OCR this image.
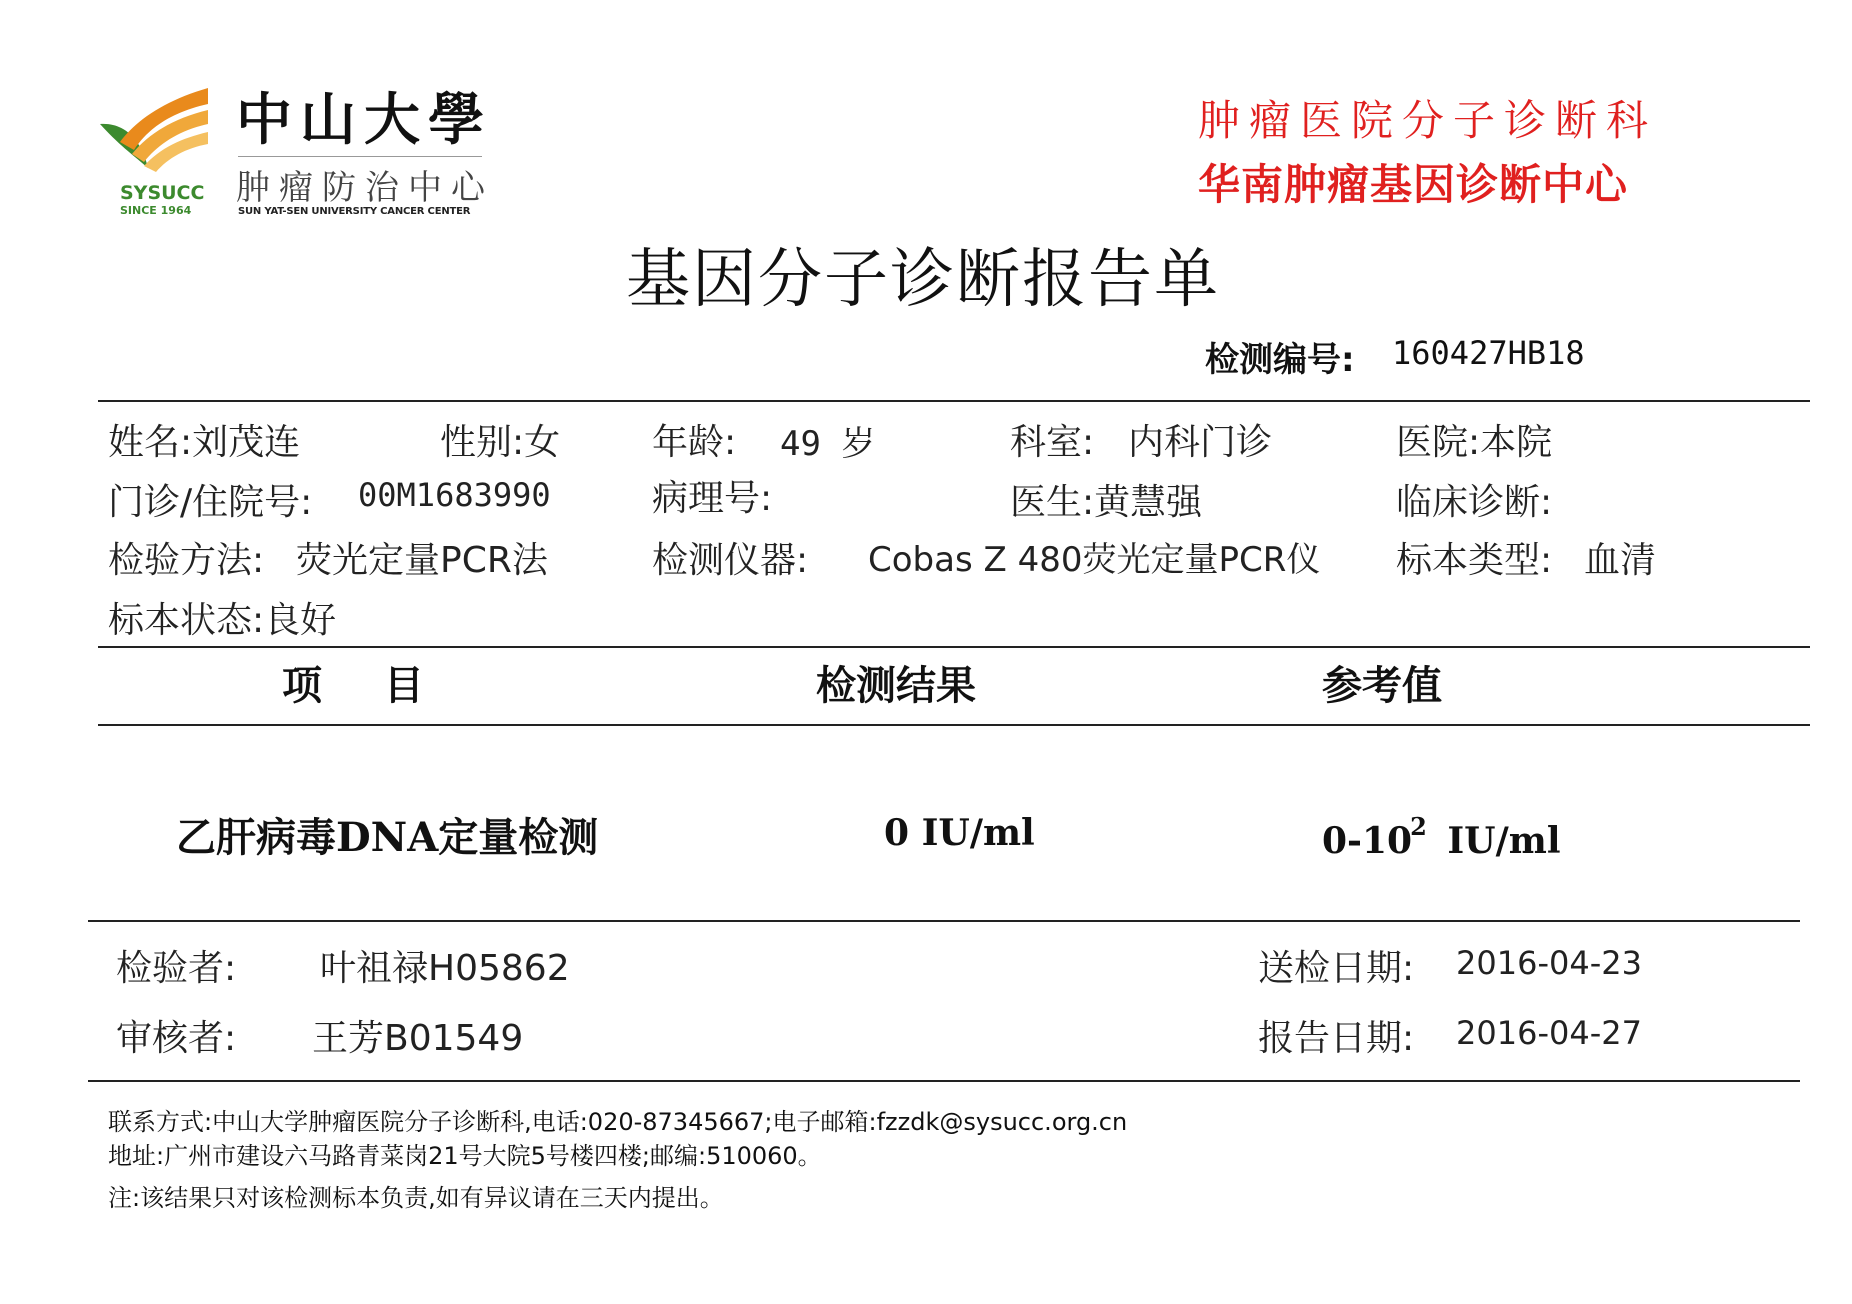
SYSUCC
SINCE 1964
中山大學
肿瘤防治中心
SUN YAT-SEN UNIVERSITY CANCER CENTER
肿瘤医院分子诊断科
华南肿瘤基因诊断中心
基因分子诊断报告单
检测编号: 160427HB18
姓名:刘茂连	性别:女	年龄: 49 岁	科室: 内科门诊	医院:本院
门诊/住院号: 00M1683990	病理号:	医生:黄慧强	临床诊断:
检验方法: 荧光定量PCR法	检测仪器: Cobas Z 480荧光定量PCR仪 标本类型: 血清
标本状态:良好
项 目	检测结果	参考值
乙肝病毒DNA定量检测	0 IU/ml	$0-10^2$ IU/ml
检验者: 叶祖禄H05862	送检日期: 2016-04-23
审核者: 王芳B01549	报告日期: 2016-04-27
联系方式:中山大学肿瘤医院分子诊断科,电话:020-87345667;电子邮箱:fzzdk@sysucc.org.cn
地址:广州市建设六马路青菜岗21号大院5号楼四楼;邮编:510060。
注:该结果只对该检测标本负责,如有异议请在三天内提出。
